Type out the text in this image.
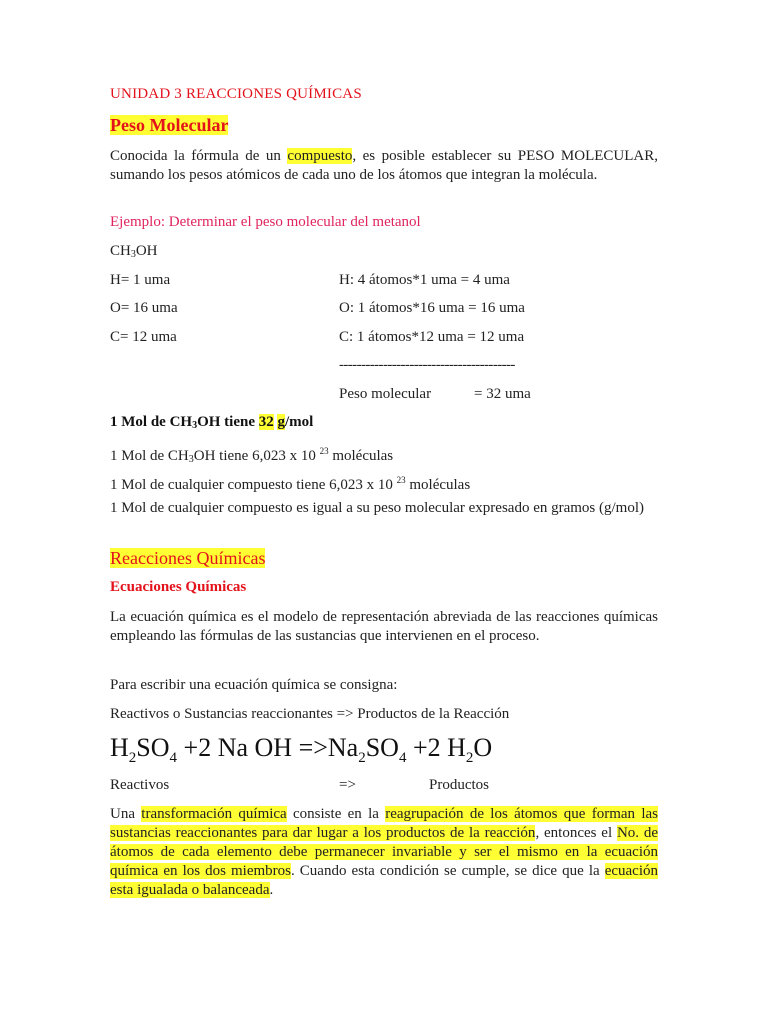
UNIDAD 3 REACCIONES QUÍMICAS
Peso Molecular
Conocida la fórmula de un compuesto, es posible establecer su PESO MOLECULAR, sumando los pesos atómicos de cada uno de los átomos que integran la molécula.
Ejemplo: Determinar el peso molecular del metanol
CH3OH
H= 1 uma	H: 4 átomos*1 uma = 4 uma
O= 16 uma	O: 1 átomos*16 uma = 16 uma
C= 12 uma	C: 1 átomos*12 uma = 12 uma
----------------------------------------
Peso molecular	= 32 uma
1 Mol de CH3OH tiene 32 g/mol
1 Mol de CH3OH tiene 6,023 x 10 $^{23}$ moléculas
1 Mol de cualquier compuesto tiene 6,023 x 10 $^{23}$ moléculas
1 Mol de cualquier compuesto es igual a su peso molecular expresado en gramos (g/mol)
Reacciones Químicas
Ecuaciones Químicas
La ecuación química es el modelo de representación abreviada de las reacciones químicas empleando las fórmulas de las sustancias que intervienen en el proceso.
Para escribir una ecuación química se consigna:
Reactivos o Sustancias reaccionantes => Productos de la Reacción
$H_2SO_4 +2$ Na OH $=>Na_2SO_4 +2$ $H_2O$
Reactivos	=>	Productos
Una transformación química consiste en la reagrupación de los átomos que forman las sustancias reaccionantes para dar lugar a los productos de la reacción, entonces el No. de átomos de cada elemento debe permanecer invariable y ser el mismo en la ecuación química en los dos miembros. Cuando esta condición se cumple, se dice que la ecuación esta igualada o balanceada.
